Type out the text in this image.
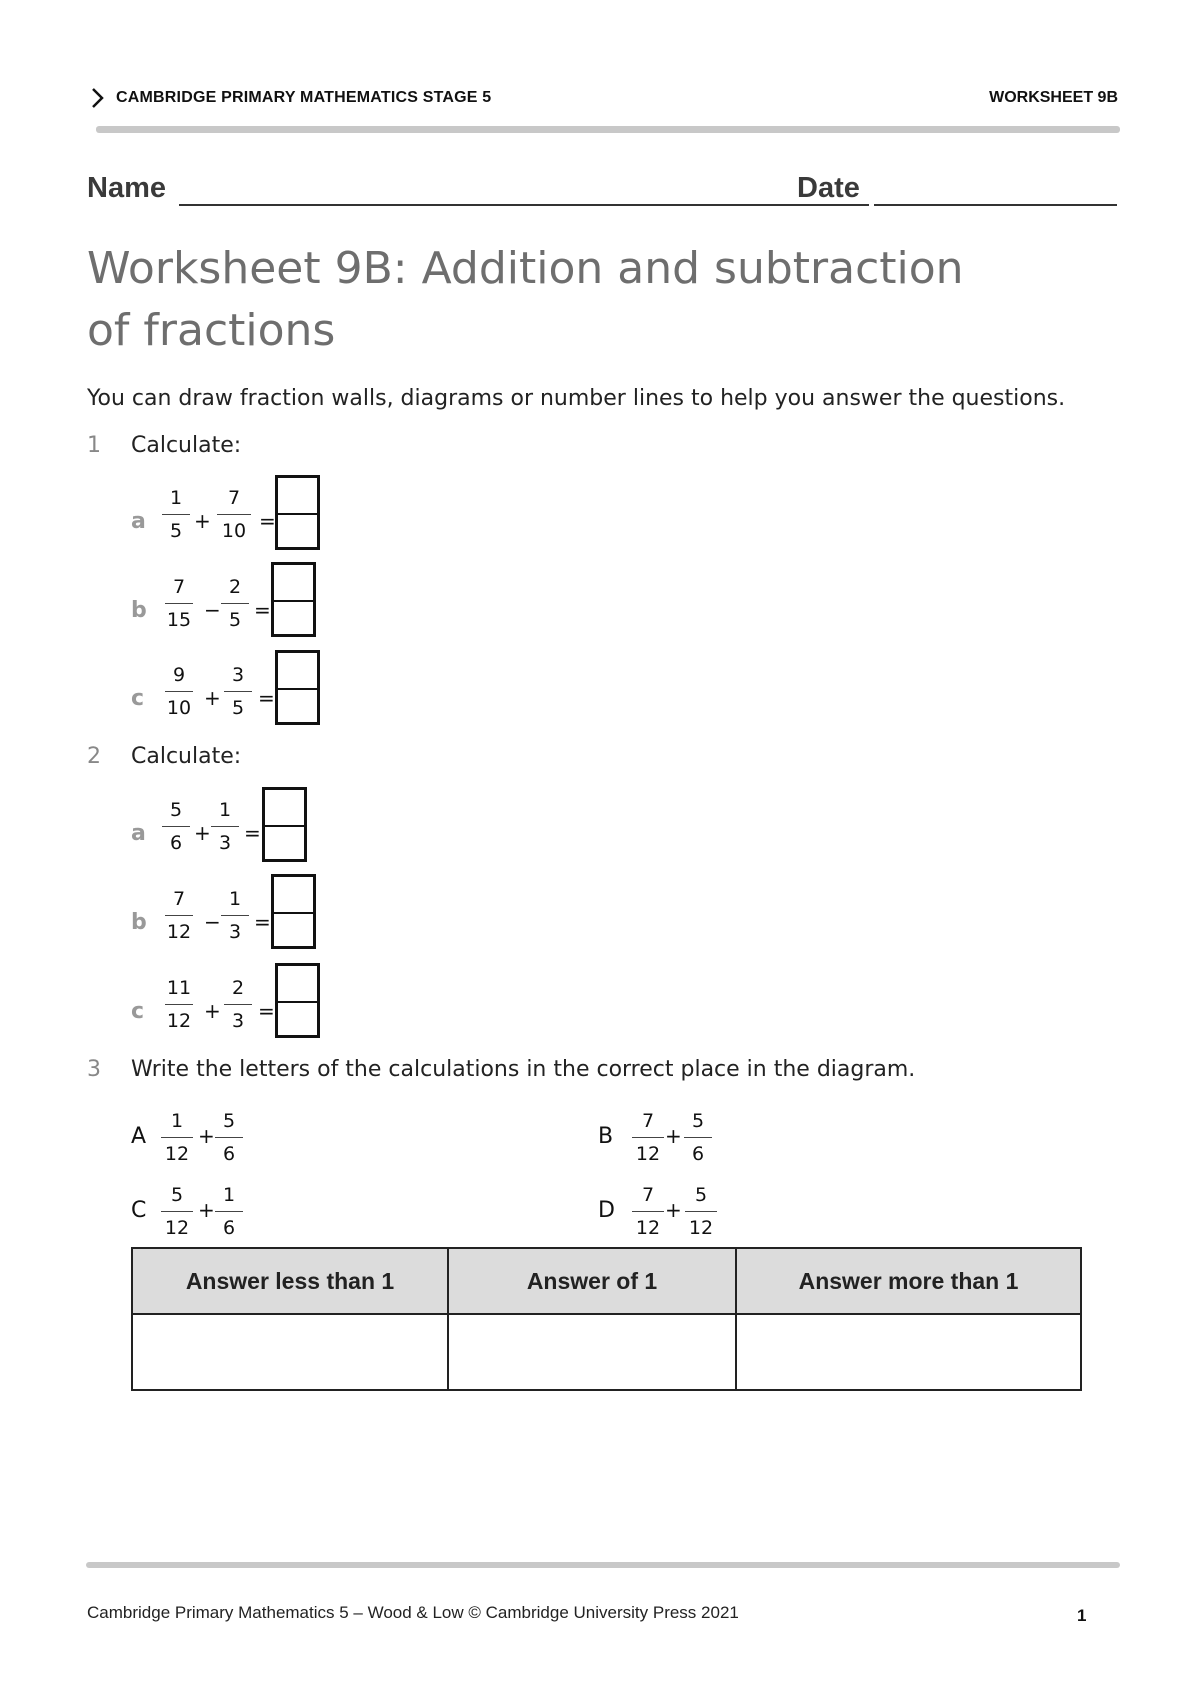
CAMBRIDGE PRIMARY MATHEMATICS STAGE 5	WORKSHEET 9B
Name	Date
Worksheet 9B: Addition and subtraction
of fractions
You can draw fraction walls, diagrams or number lines to help you answer the questions.
1 Calculate:
a
1
5 +
7
10 =
b
7
15 −
2
5 =
c
9
10 +
3
5 =
2 Calculate:
a
5
6 +
1
3 =
b
7
12 −
1
3 =
c
11
12 +
2
3 =
3 Write the letters of the calculations in the correct place in the diagram.
A
1
12
+
5
6
B
7
12
+
5
6
C
5
12
+
1
6
D
7
12
+
5
12
Answer less than 1	Answer of 1	Answer more than 1

Cambridge Primary Mathematics 5 – Wood & Low © Cambridge University Press 2021	1
